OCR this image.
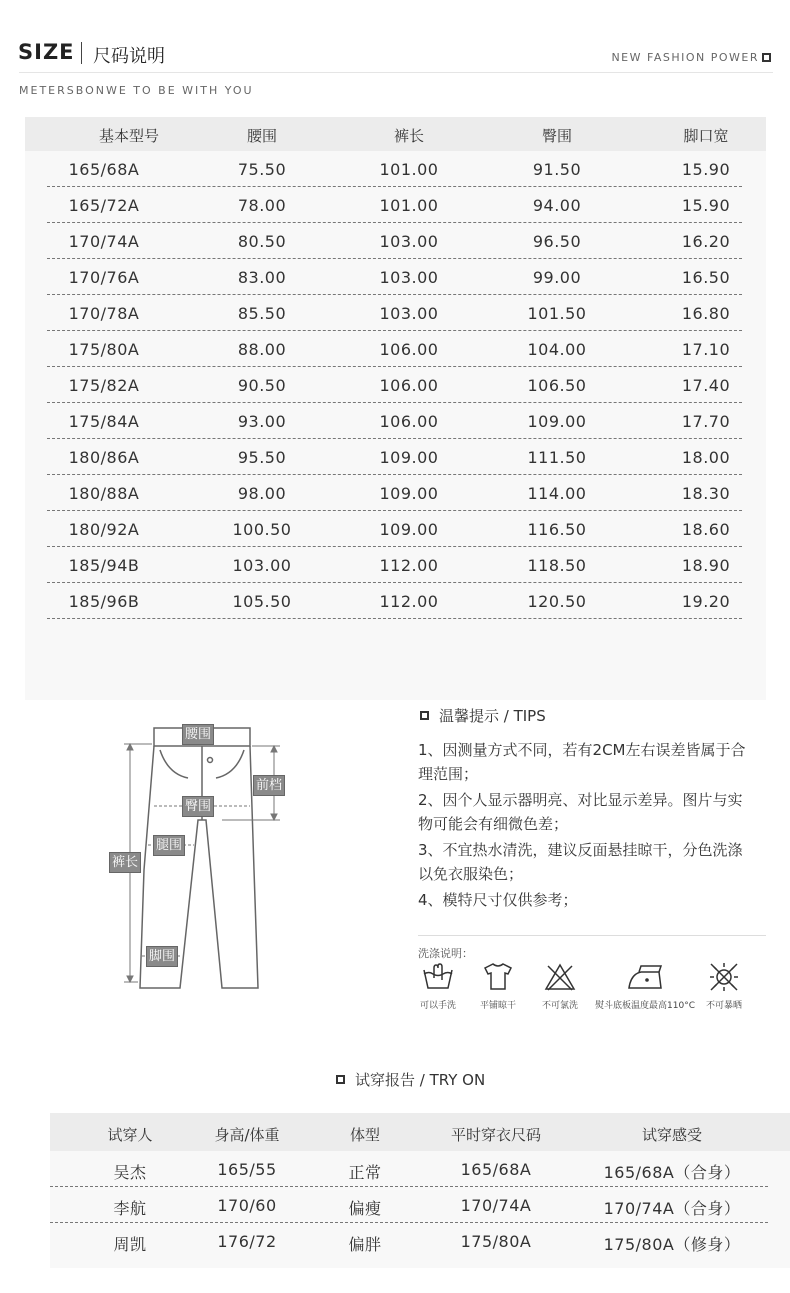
SIZE 尺码说明	NEW FASHION POWER
METERSBONWE TO BE WITH YOU
基本型号	腰围	裤长	臀围	脚口宽
165/68A	75.50	101.00	91.50	15.90
165/72A	78.00	101.00	94.00	15.90
170/74A	80.50	103.00	96.50	16.20
170/76A	83.00	103.00	99.00	16.50
170/78A	85.50	103.00	101.50	16.80
175/80A	88.00	106.00	104.00	17.10
175/82A	90.50	106.00	106.50	17.40
175/84A	93.00	106.00	109.00	17.70
180/86A	95.50	109.00	111.50	18.00
180/88A	98.00	109.00	114.00	18.30
180/92A	100.50	109.00	116.50	18.60
185/94B	103.00	112.00	118.50	18.90
185/96B	105.50	112.00	120.50	19.20
腰围
前档
臀围
腿围
裤长
脚围
温馨提示 / TIPS

1、因测量方式不同，若有2CM左右误差皆属于合理范围；

2、因个人显示器明亮、对比显示差异。图片与实物可能会有细微色差；

3、不宜热水清洗，建议反面悬挂晾干，分色洗涤以免衣服染色；

4、模特尺寸仅供参考；

洗涤说明：
可以手洗	平铺晾干	不可氯洗	熨斗底板温度最高110°C	不可暴晒
试穿报告 / TRY ON
试穿人	身高/体重	体型	平时穿衣尺码	试穿感受
吴杰	165/55	正常	165/68A	165/68A（合身）
李航	170/60	偏瘦	170/74A	170/74A（合身）
周凯	176/72	偏胖	175/80A	175/80A（修身）
